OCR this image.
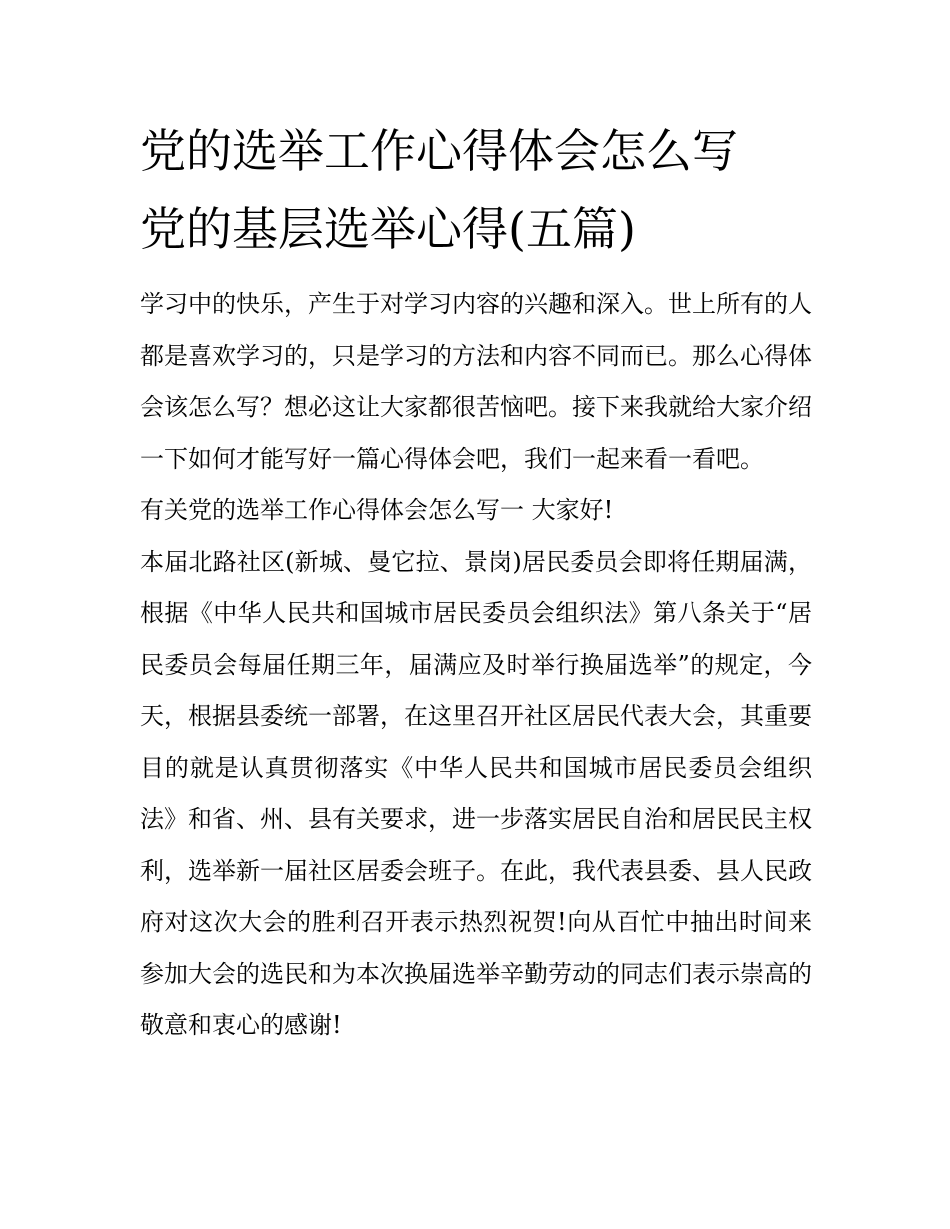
党的选举工作心得体会怎么写
党的基层选举心得(五篇)

学习中的快乐，产生于对学习内容的兴趣和深入。世上所有的人都是喜欢学习的，只是学习的方法和内容不同而已。那么心得体会该怎么写？想必这让大家都很苦恼吧。接下来我就给大家介绍一下如何才能写好一篇心得体会吧，我们一起来看一看吧。

有关党的选举工作心得体会怎么写一 大家好!

本届北路社区(新城、曼它拉、景岗)居民委员会即将任期届满，根据《中华人民共和国城市居民委员会组织法》第八条关于“居民委员会每届任期三年，届满应及时举行换届选举”的规定，今天，根据县委统一部署，在这里召开社区居民代表大会，其重要目的就是认真贯彻落实《中华人民共和国城市居民委员会组织法》和省、州、县有关要求，进一步落实居民自治和居民民主权利，选举新一届社区居委会班子。在此，我代表县委、县人民政府对这次大会的胜利召开表示热烈祝贺!向从百忙中抽出时间来参加大会的选民和为本次换届选举辛勤劳动的同志们表示崇高的敬意和衷心的感谢!
